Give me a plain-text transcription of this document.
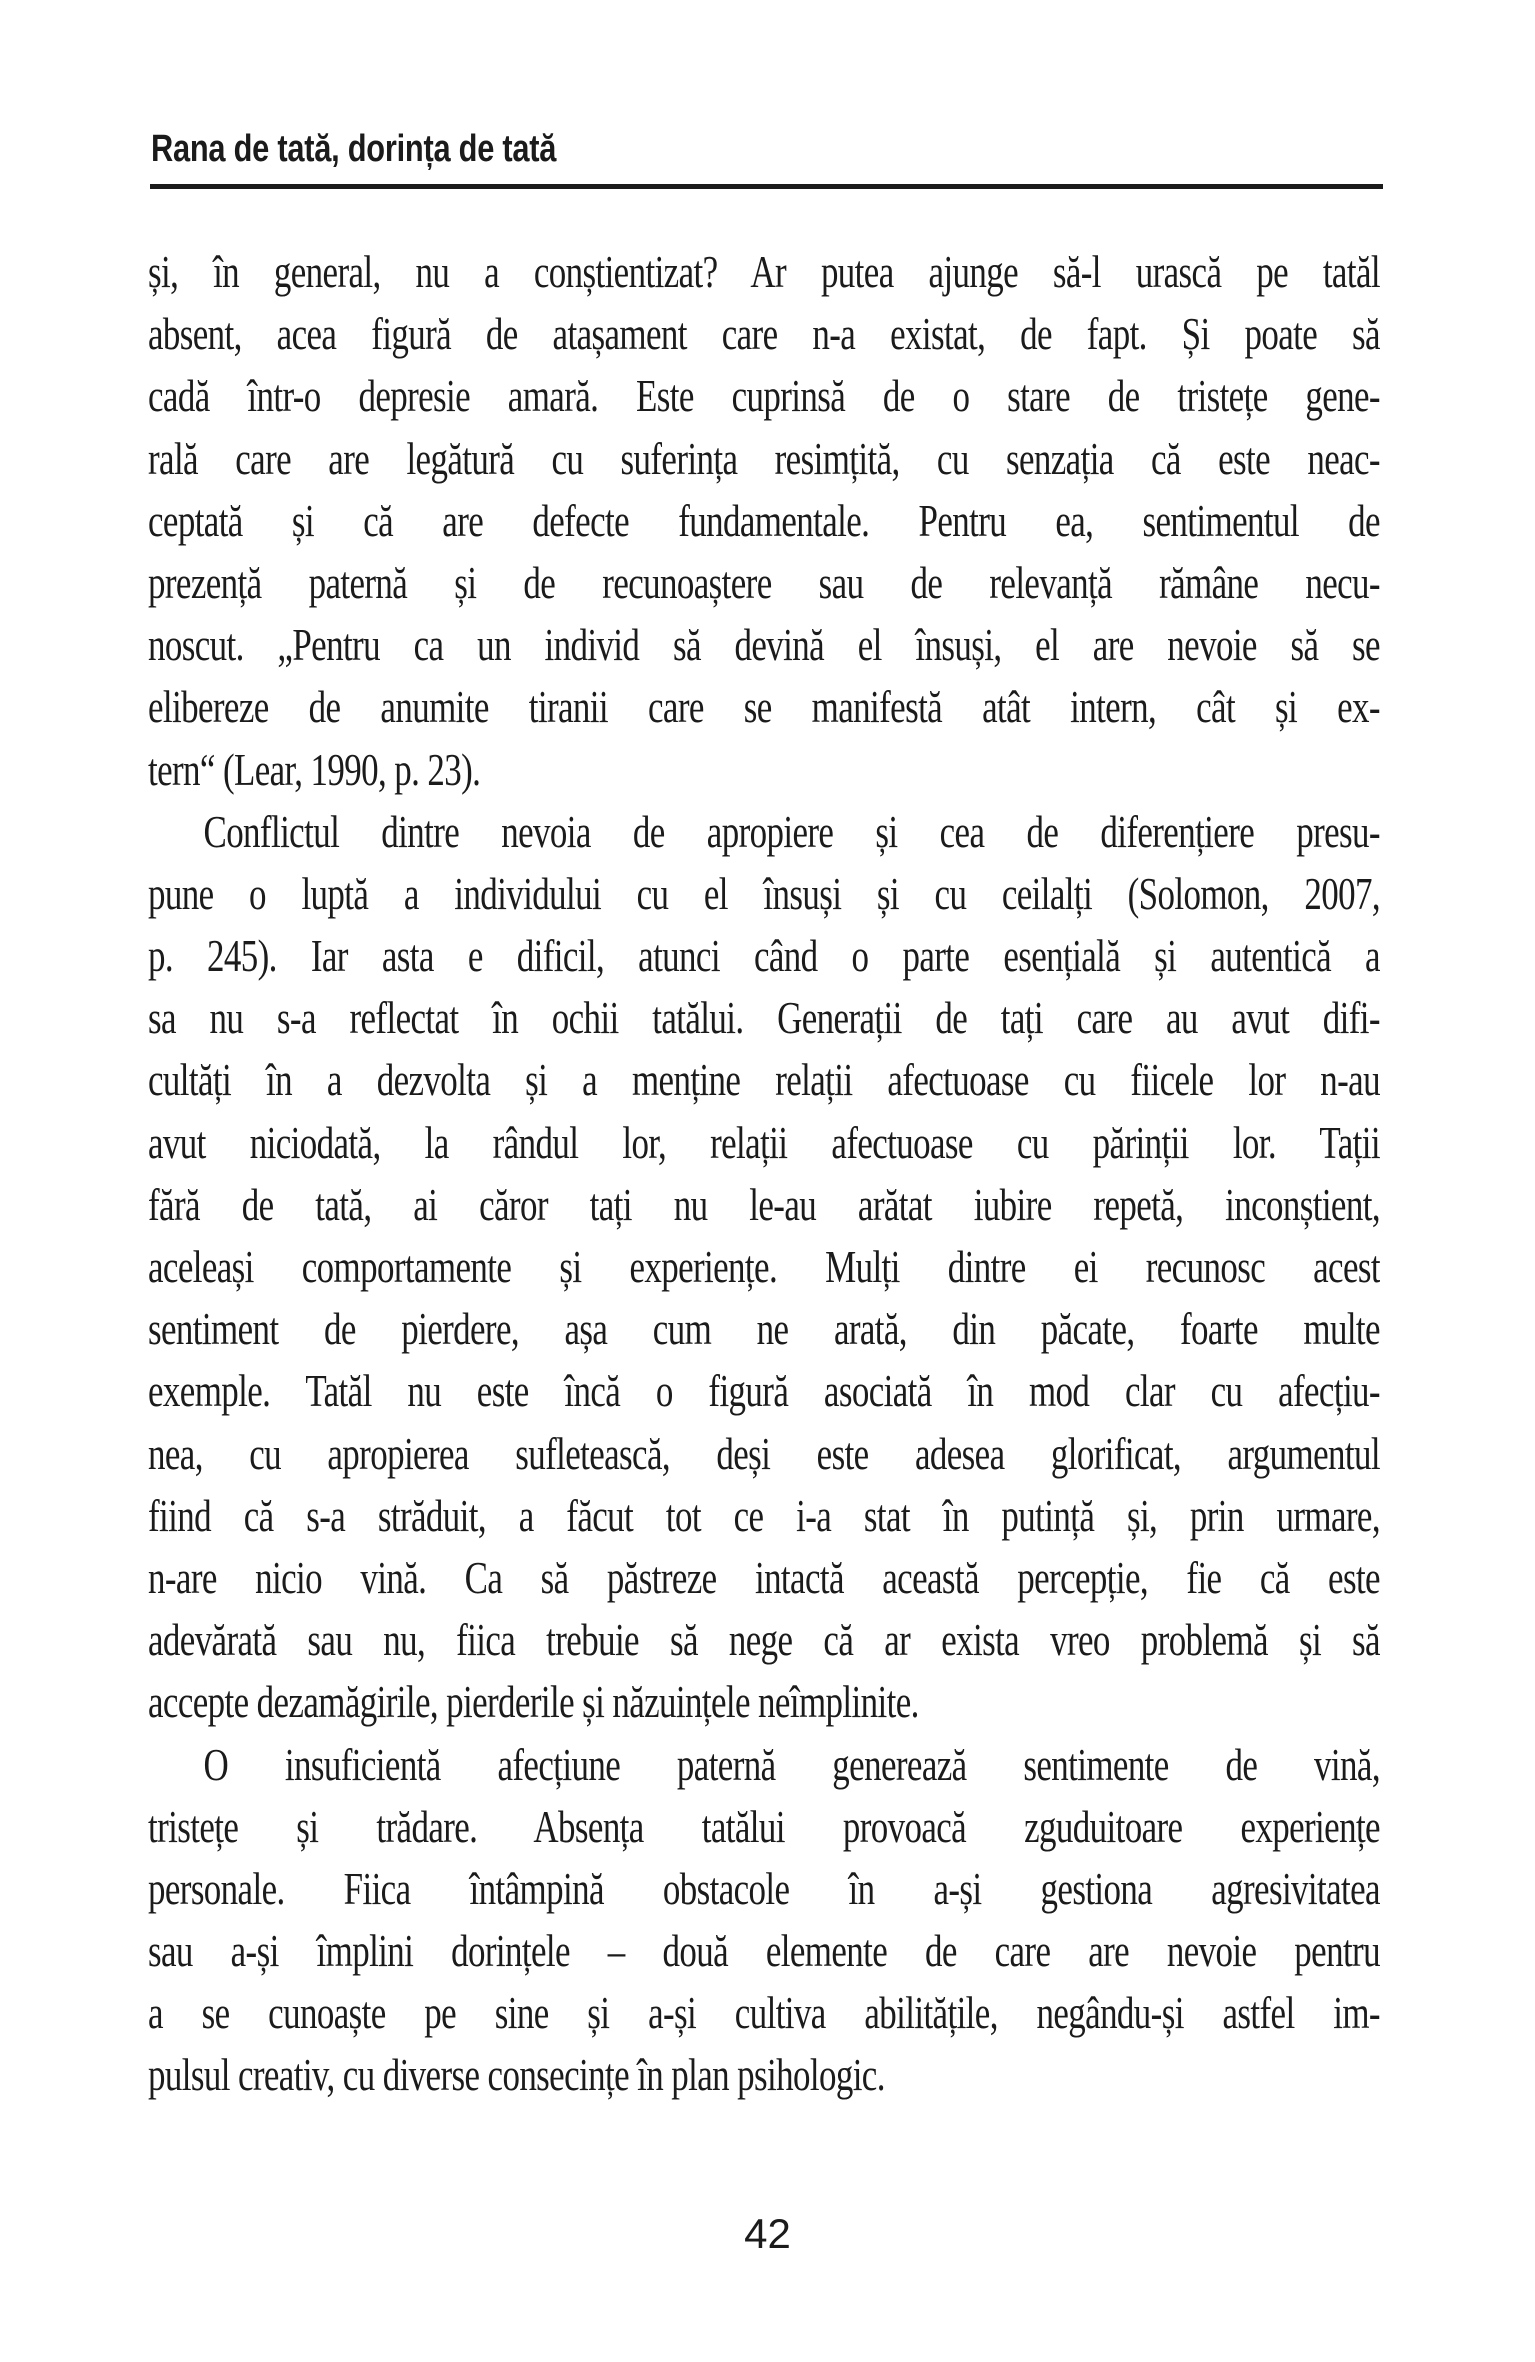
Rana de tată, dorința de tată
și, în general, nu a conștientizat? Ar putea ajunge să-l urască pe tatăl
absent, acea figură de atașament care n-a existat, de fapt. Și poate să
cadă într-o depresie amară. Este cuprinsă de o stare de tristețe gene-
rală care are legătură cu suferința resimțită, cu senzația că este neac-
ceptată și că are defecte fundamentale. Pentru ea, sentimentul de
prezență paternă și de recunoaștere sau de relevanță rămâne necu-
noscut. „Pentru ca un individ să devină el însuși, el are nevoie să se
elibereze de anumite tiranii care se manifestă atât intern, cât și ex-
tern“ (Lear, 1990, p. 23).
Conflictul dintre nevoia de apropiere și cea de diferențiere presu-
pune o luptă a individului cu el însuși și cu ceilalți (Solomon, 2007,
p. 245). Iar asta e dificil, atunci când o parte esențială și autentică a
sa nu s-a reflectat în ochii tatălui. Generații de tați care au avut difi-
cultăți în a dezvolta și a menține relații afectuoase cu fiicele lor n-au
avut niciodată, la rândul lor, relații afectuoase cu părinții lor. Tații
fără de tată, ai căror tați nu le-au arătat iubire repetă, inconștient,
aceleași comportamente și experiențe. Mulți dintre ei recunosc acest
sentiment de pierdere, așa cum ne arată, din păcate, foarte multe
exemple. Tatăl nu este încă o figură asociată în mod clar cu afecțiu-
nea, cu apropierea sufletească, deși este adesea glorificat, argumentul
fiind că s-a străduit, a făcut tot ce i-a stat în putință și, prin urmare,
n-are nicio vină. Ca să păstreze intactă această percepție, fie că este
adevărată sau nu, fiica trebuie să nege că ar exista vreo problemă și să
accepte dezamăgirile, pierderile și năzuințele neîmplinite.
O insuficientă afecțiune paternă generează sentimente de vină,
tristețe și trădare. Absența tatălui provoacă zguduitoare experiențe
personale. Fiica întâmpină obstacole în a-și gestiona agresivitatea
sau a-și împlini dorințele – două elemente de care are nevoie pentru
a se cunoaște pe sine și a-și cultiva abilitățile, negându-și astfel im-
pulsul creativ, cu diverse consecințe în plan psihologic.
42
